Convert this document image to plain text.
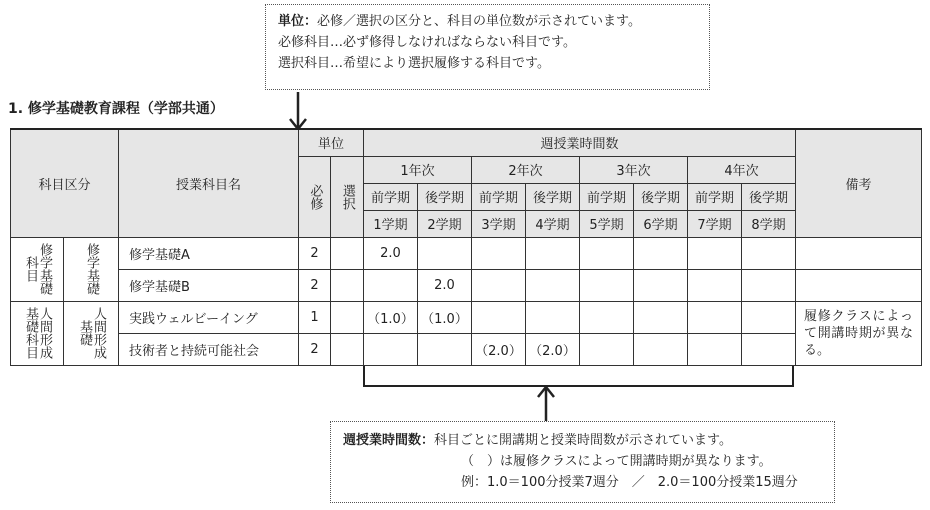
単位：必修／選択の区分と、科目の単位数が示されています。
必修科目…必ず修得しなければならない科目です。
選択科目…希望により選択履修する科目です。
1. 修学基礎教育課程（学部共通）
科目区分		授業科目名	単位		週授業時間数								備考

			必修	選択	1年次		2年次		3年次		4年次		
					前学期	後学期	前学期	後学期	前学期	後学期	前学期	後学期	
					1学期	2学期	3学期	4学期	5学期	6学期	7学期	8学期	

修学基礎科目	修学基礎	修学基礎A	2		2.0								
		修学基礎B	2			2.0							

人間形成基礎科目	人間形成基礎	実践ウェルビーイング	1		（1.0）	（1.0）							履修クラスによって開講時期が異なる。
		技術者と持続可能社会	2				（2.0）	（2.0）					
週授業時間数：科目ごとに開講期と授業時間数が示されています。
（　）は履修クラスによって開講時期が異なります。
例：1.0＝100分授業7週分　／　2.0＝100分授業15週分
